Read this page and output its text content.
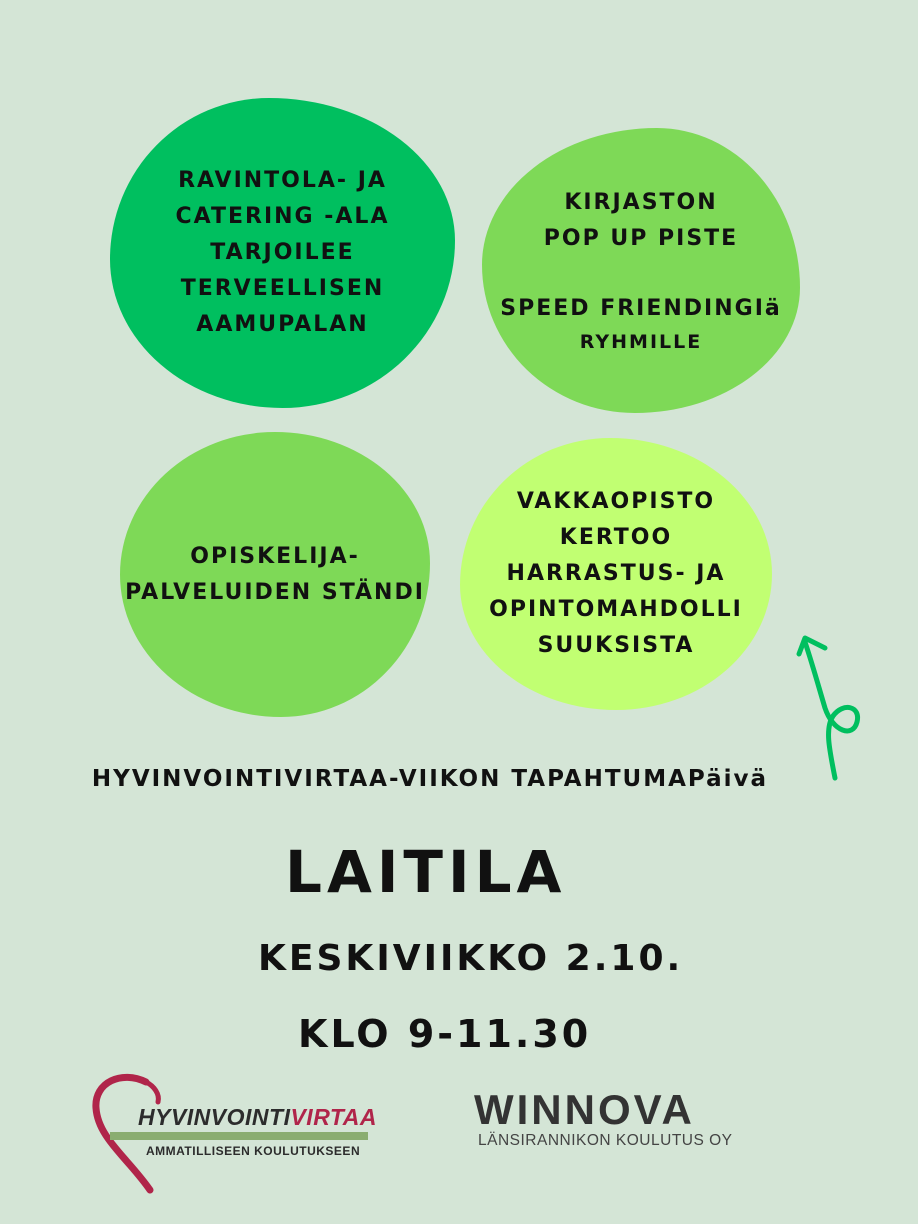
RAVINTOLA- JA
CATERING -ALA
TARJOILEE
TERVEELLISEN
AAMUPALAN
KIRJASTON
POP UP PISTE
SPEED FRIENDINGIä
RYHMILLE
OPISKELIJA-
PALVELUIDEN STÄNDI
VAKKAOPISTO
KERTOO
HARRASTUS- JA
OPINTOMAHDOLLI
SUUKSISTA
HYVINVOINTIVIRTAA-VIIKON TAPAHTUMAPäivä
LAITILA
KESKIVIIKKO 2.10.
KLO 9-11.30
HYVINVOINTIVIRTAA
AMMATILLISEEN KOULUTUKSEEN
WINNOVA
LÄNSIRANNIKON KOULUTUS OY
